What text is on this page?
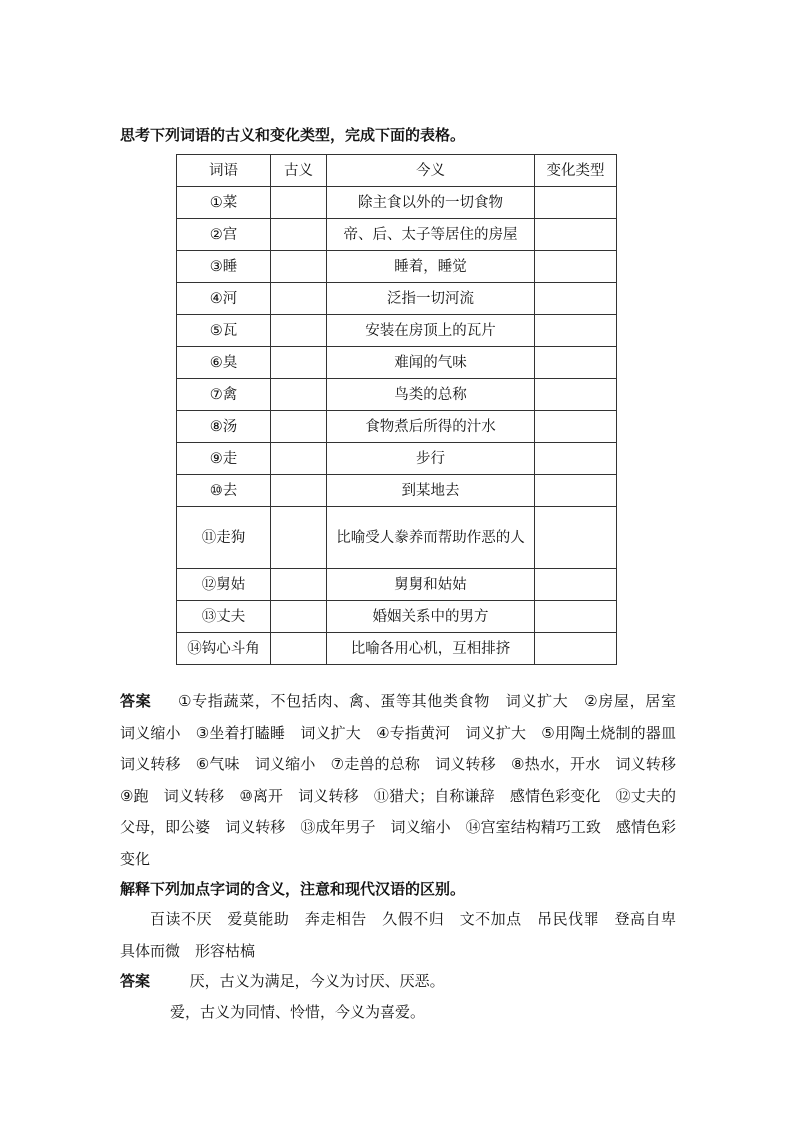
思考下列词语的古义和变化类型，完成下面的表格。
词语	古义	今义	变化类型
①菜		除主食以外的一切食物	
②宫		帝、后、太子等居住的房屋	
③睡		睡着，睡觉	
④河		泛指一切河流	
⑤瓦		安装在房顶上的瓦片	
⑥臭		难闻的气味	
⑦禽		鸟类的总称	
⑧汤		食物煮后所得的汁水	
⑨走		步行	
⑩去		到某地去	
⑪走狗		比喻受人豢养而帮助作恶的人	
⑫舅姑		舅舅和姑姑	
⑬丈夫		婚姻关系中的男方	
⑭钩心斗角		比喻各用心机，互相排挤	
答案 　 ①专指蔬菜，不包括肉、禽、蛋等其他类食物　词义扩大　②房屋，居室　词义缩小　③坐着打瞌睡　词义扩大　④专指黄河　词义扩大　⑤用陶土烧制的器皿　词义转移　⑥气味　词义缩小　⑦走兽的总称　词义转移　⑧热水，开水　词义转移　⑨跑　词义转移　⑩离开　词义转移　⑪猎犬；自称谦辞　感情色彩变化　⑫丈夫的父母，即公婆　词义转移　⑬成年男子　词义缩小　⑭宫室结构精巧工致　感情色彩变化
解释下列加点字词的含义，注意和现代汉语的区别。
百读不厌　爱莫能助　奔走相告　久假不归　文不加点　吊民伐罪　登高自卑　具体而微　形容枯槁
答案 　　	厌，古义为满足，今义为讨厌、厌恶。
爱，古义为同情、怜惜，今义为喜爱。
